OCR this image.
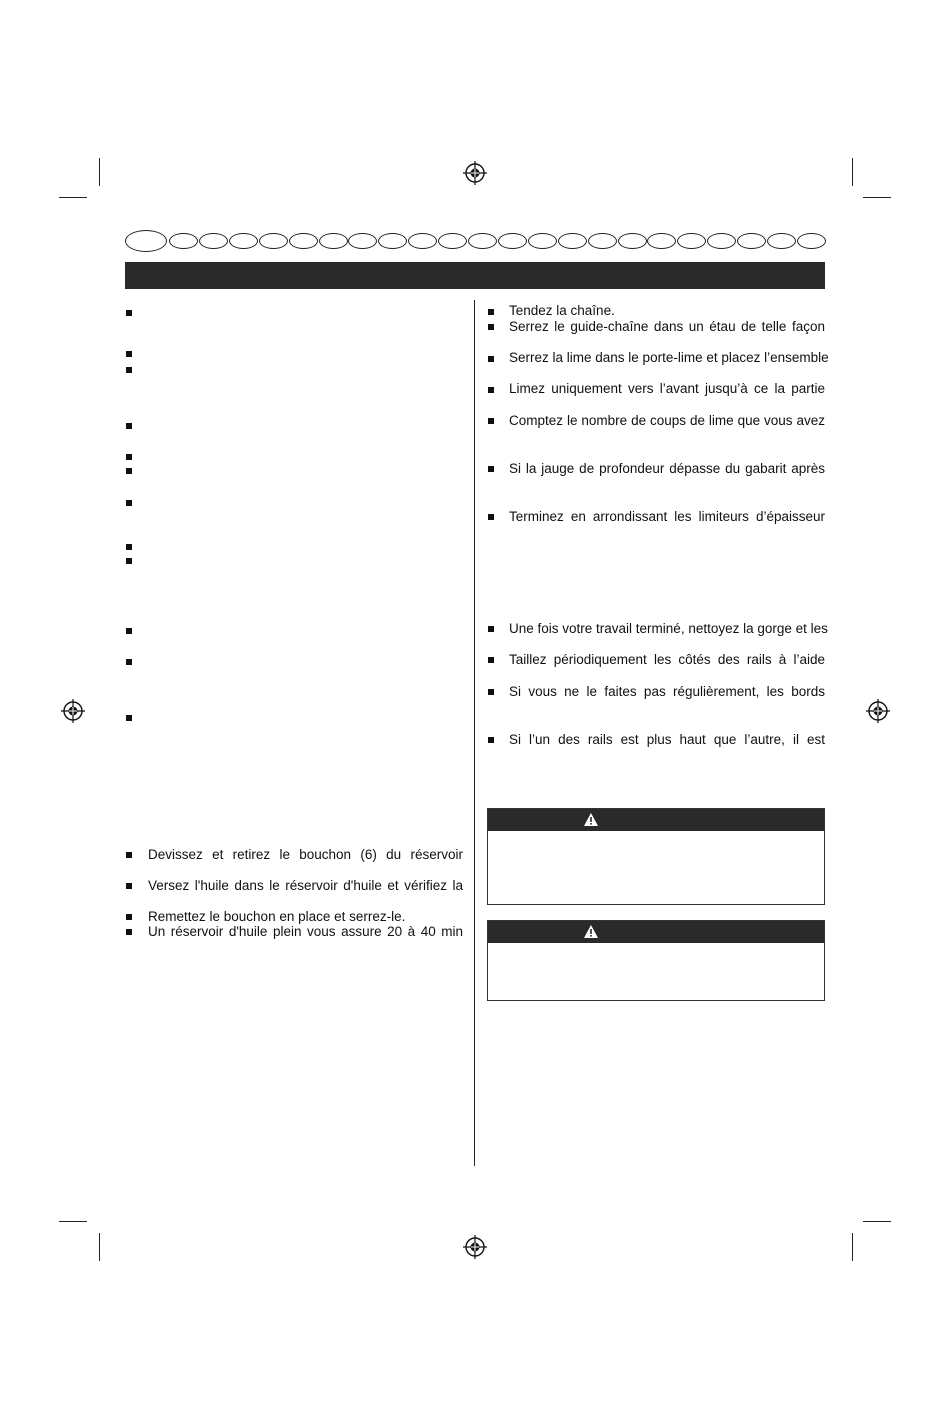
Devissez et retirez le bouchon (6) du réservoir
Versez l'huile dans le réservoir d'huile et vérifiez la
Remettez le bouchon en place et serrez-le.
Un réservoir d'huile plein vous assure 20 à 40 min
Tendez la chaîne.
Serrez le guide-chaîne dans un étau de telle façon
Serrez la lime dans le porte-lime et placez l’ensemble
Limez uniquement vers l’avant jusqu’à ce la partie
Comptez le nombre de coups de lime que vous avez
Si la jauge de profondeur dépasse du gabarit après
Terminez en arrondissant les limiteurs d’épaisseur
Une fois votre travail terminé, nettoyez la gorge et les
Taillez périodiquement les côtés des rails à l’aide
Si vous ne le faites pas régulièrement, les bords
Si l’un des rails est plus haut que l’autre, il est
